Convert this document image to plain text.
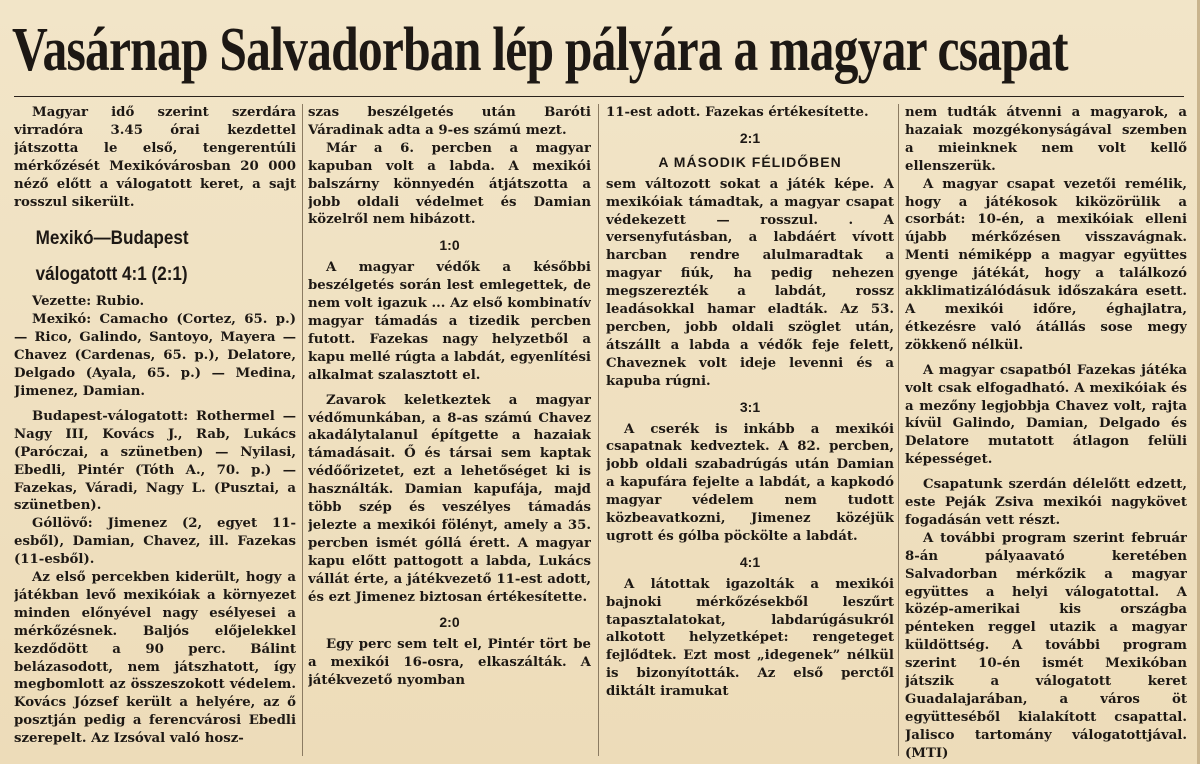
Vasárnap Salvadorban lép pályára a magyar csapat

Magyar idő szerint szerdára virradóra 3.45 órai kezdettel játszotta le első, tengerentúli mérkőzését Mexikóvárosban 20 000 néző előtt a válogatott keret, a sajt rosszul sikerült.

Mexikó—Budapest
válogatott 4:1 (2:1)

Vezette: Rubio.

Mexikó: Camacho (Cortez, 65. p.) — Rico, Galindo, Santoyo, Mayera — Chavez (Cardenas, 65. p.), Delatore, Delgado (Ayala, 65. p.) — Medina, Jimenez, Damian.

Budapest-válogatott: Rothermel — Nagy III, Kovács J., Rab, Lukács (Paróczai, a szünetben) — Nyilasi, Ebedli, Pintér (Tóth A., 70. p.) — Fazekas, Váradi, Nagy L. (Pusztai, a szünetben).

Góllövő: Jimenez (2, egyet 11-esből), Damian, Chavez, ill. Fazekas (11-esből).

Az első percekben kiderült, hogy a játékban levő mexikóiak a környezet minden előnyével nagy esélyesei a mérkőzésnek. Baljós előjelekkel kezdődött a 90 perc. Bálint belázasodott, nem játszhatott, így megbomlott az összeszokott védelem. Kovács József került a helyére, az ő posztján pedig a ferencvárosi Ebedli szerepelt. Az Izsóval való hosz-

szas beszélgetés után Baróti Váradinak adta a 9-es számú mezt.

Már a 6. percben a magyar kapuban volt a labda. A mexikói balszárny könnyedén átjátszotta a jobb oldali védelmet és Damian közelről nem hibázott.

1:0

A magyar védők a későbbi beszélgetés során lest emlegettek, de nem volt igazuk ... Az első kombinatív magyar támadás a tizedik percben futott. Fazekas nagy helyzetből a kapu mellé rúgta a labdát, egyenlítési alkalmat szalasztott el.

Zavarok keletkeztek a magyar védőmunkában, a 8-as számú Chavez akadálytalanul építgette a hazaiak támadásait. Ő és társai sem kaptak védőőrizetet, ezt a lehetőséget ki is használták. Damian kapufája, majd több szép és veszélyes támadás jelezte a mexikói fölényt, amely a 35. percben ismét góllá érett. A magyar kapu előtt pattogott a labda, Lukács vállát érte, a játékvezető 11-est adott, és ezt Jimenez biztosan értékesítette.

2:0

Egy perc sem telt el, Pintér tört be a mexikói 16-osra, elkaszálták. A játékvezető nyomban

11-est adott. Fazekas értékesítette.

2:1
A MÁSODIK FÉLIDŐBEN

sem változott sokat a játék képe. A mexikóiak támadtak, a magyar csapat védekezett — rosszul. . A versenyfutásban, a labdáért vívott harcban rendre alulmaradtak a magyar fiúk, ha pedig nehezen megszerezték a labdát, rossz leadásokkal hamar eladták. Az 53. percben, jobb oldali szöglet után, átszállt a labda a védők feje felett, Chaveznek volt ideje levenni és a kapuba rúgni.

3:1

A cserék is inkább a mexikói csapatnak kedveztek. A 82. percben, jobb oldali szabadrúgás után Damian a kapufára fejelte a labdát, a kapkodó magyar védelem nem tudott közbeavatkozni, Jimenez közéjük ugrott és gólba pöckölte a labdát.

4:1

A látottak igazolták a mexikói bajnoki mérkőzésekből leszűrt tapasztalatokat, labdarúgásukról alkotott helyzetképet: rengeteget fejlődtek. Ezt most „idegenek” nélkül is bizonyították. Az első perctől diktált iramukat

nem tudták átvenni a magyarok, a hazaiak mozgékonyságával szemben a mieinknek nem volt kellő ellenszerük.

A magyar csapat vezetői remélik, hogy a játékosok kiközörülik a csorbát: 10-én, a mexikóiak elleni újabb mérkőzésen visszavágnak. Menti némiképp a magyar együttes gyenge játékát, hogy a találkozó akklimatizálódásuk időszakára esett. A mexikói időre, éghajlatra, étkezésre való átállás sose megy zökkenő nélkül.

A magyar csapatból Fazekas játéka volt csak elfogadható. A mexikóiak és a mezőny legjobbja Chavez volt, rajta kívül Galindo, Damian, Delgado és Delatore mutatott átlagon felüli képességet.

Csapatunk szerdán délelőtt edzett, este Peják Zsiva mexikói nagykövet fogadásán vett részt.

A további program szerint február 8-án pályaavató keretében Salvadorban mérkőzik a magyar együttes a helyi válogatottal. A közép-amerikai kis országba pénteken reggel utazik a magyar küldöttség. A további program szerint 10-én ismét Mexikóban játszik a válogatott keret Guadalajarában, a város öt együtteséből kialakított csapattal. Jalisco tartomány válogatottjával. (MTI)
